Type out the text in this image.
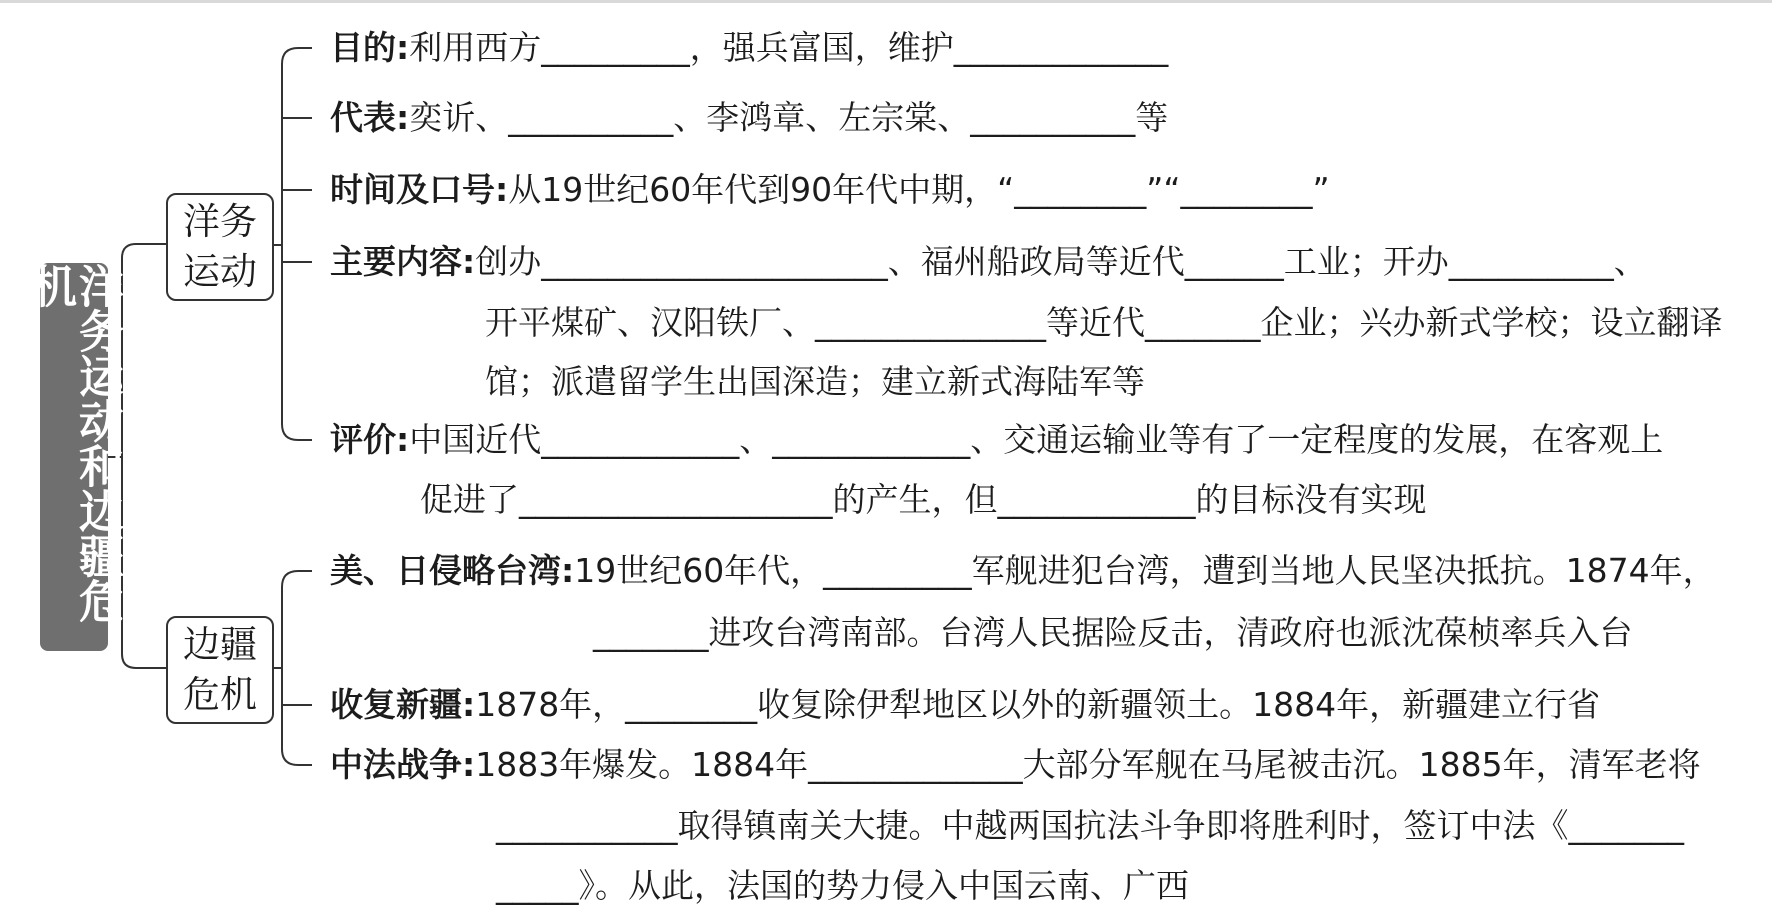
洋务运动和边疆危机
洋务运动
边疆危机
目的:利用西方_________，强兵富国，维护_____________
代表:奕䜣、__________、李鸿章、左宗棠、__________等
时间及口号:从19世纪60年代到90年代中期，“________”“________”
主要内容:创办_____________________、福州船政局等近代______工业；开办__________、
开平煤矿、汉阳铁厂、______________等近代_______企业；兴办新式学校；设立翻译
馆；派遣留学生出国深造；建立新式海陆军等
评价:中国近代____________、____________、交通运输业等有了一定程度的发展，在客观上
促进了___________________的产生，但____________的目标没有实现
美、日侵略台湾:19世纪60年代，_________军舰进犯台湾，遭到当地人民坚决抵抗。1874年，
_______进攻台湾南部。台湾人民据险反击，清政府也派沈葆桢率兵入台
收复新疆:1878年，________收复除伊犁地区以外的新疆领土。1884年，新疆建立行省
中法战争:1883年爆发。1884年_____________大部分军舰在马尾被击沉。1885年，清军老将
___________取得镇南关大捷。中越两国抗法斗争即将胜利时，签订中法《_______
_____》。从此，法国的势力侵入中国云南、广西
